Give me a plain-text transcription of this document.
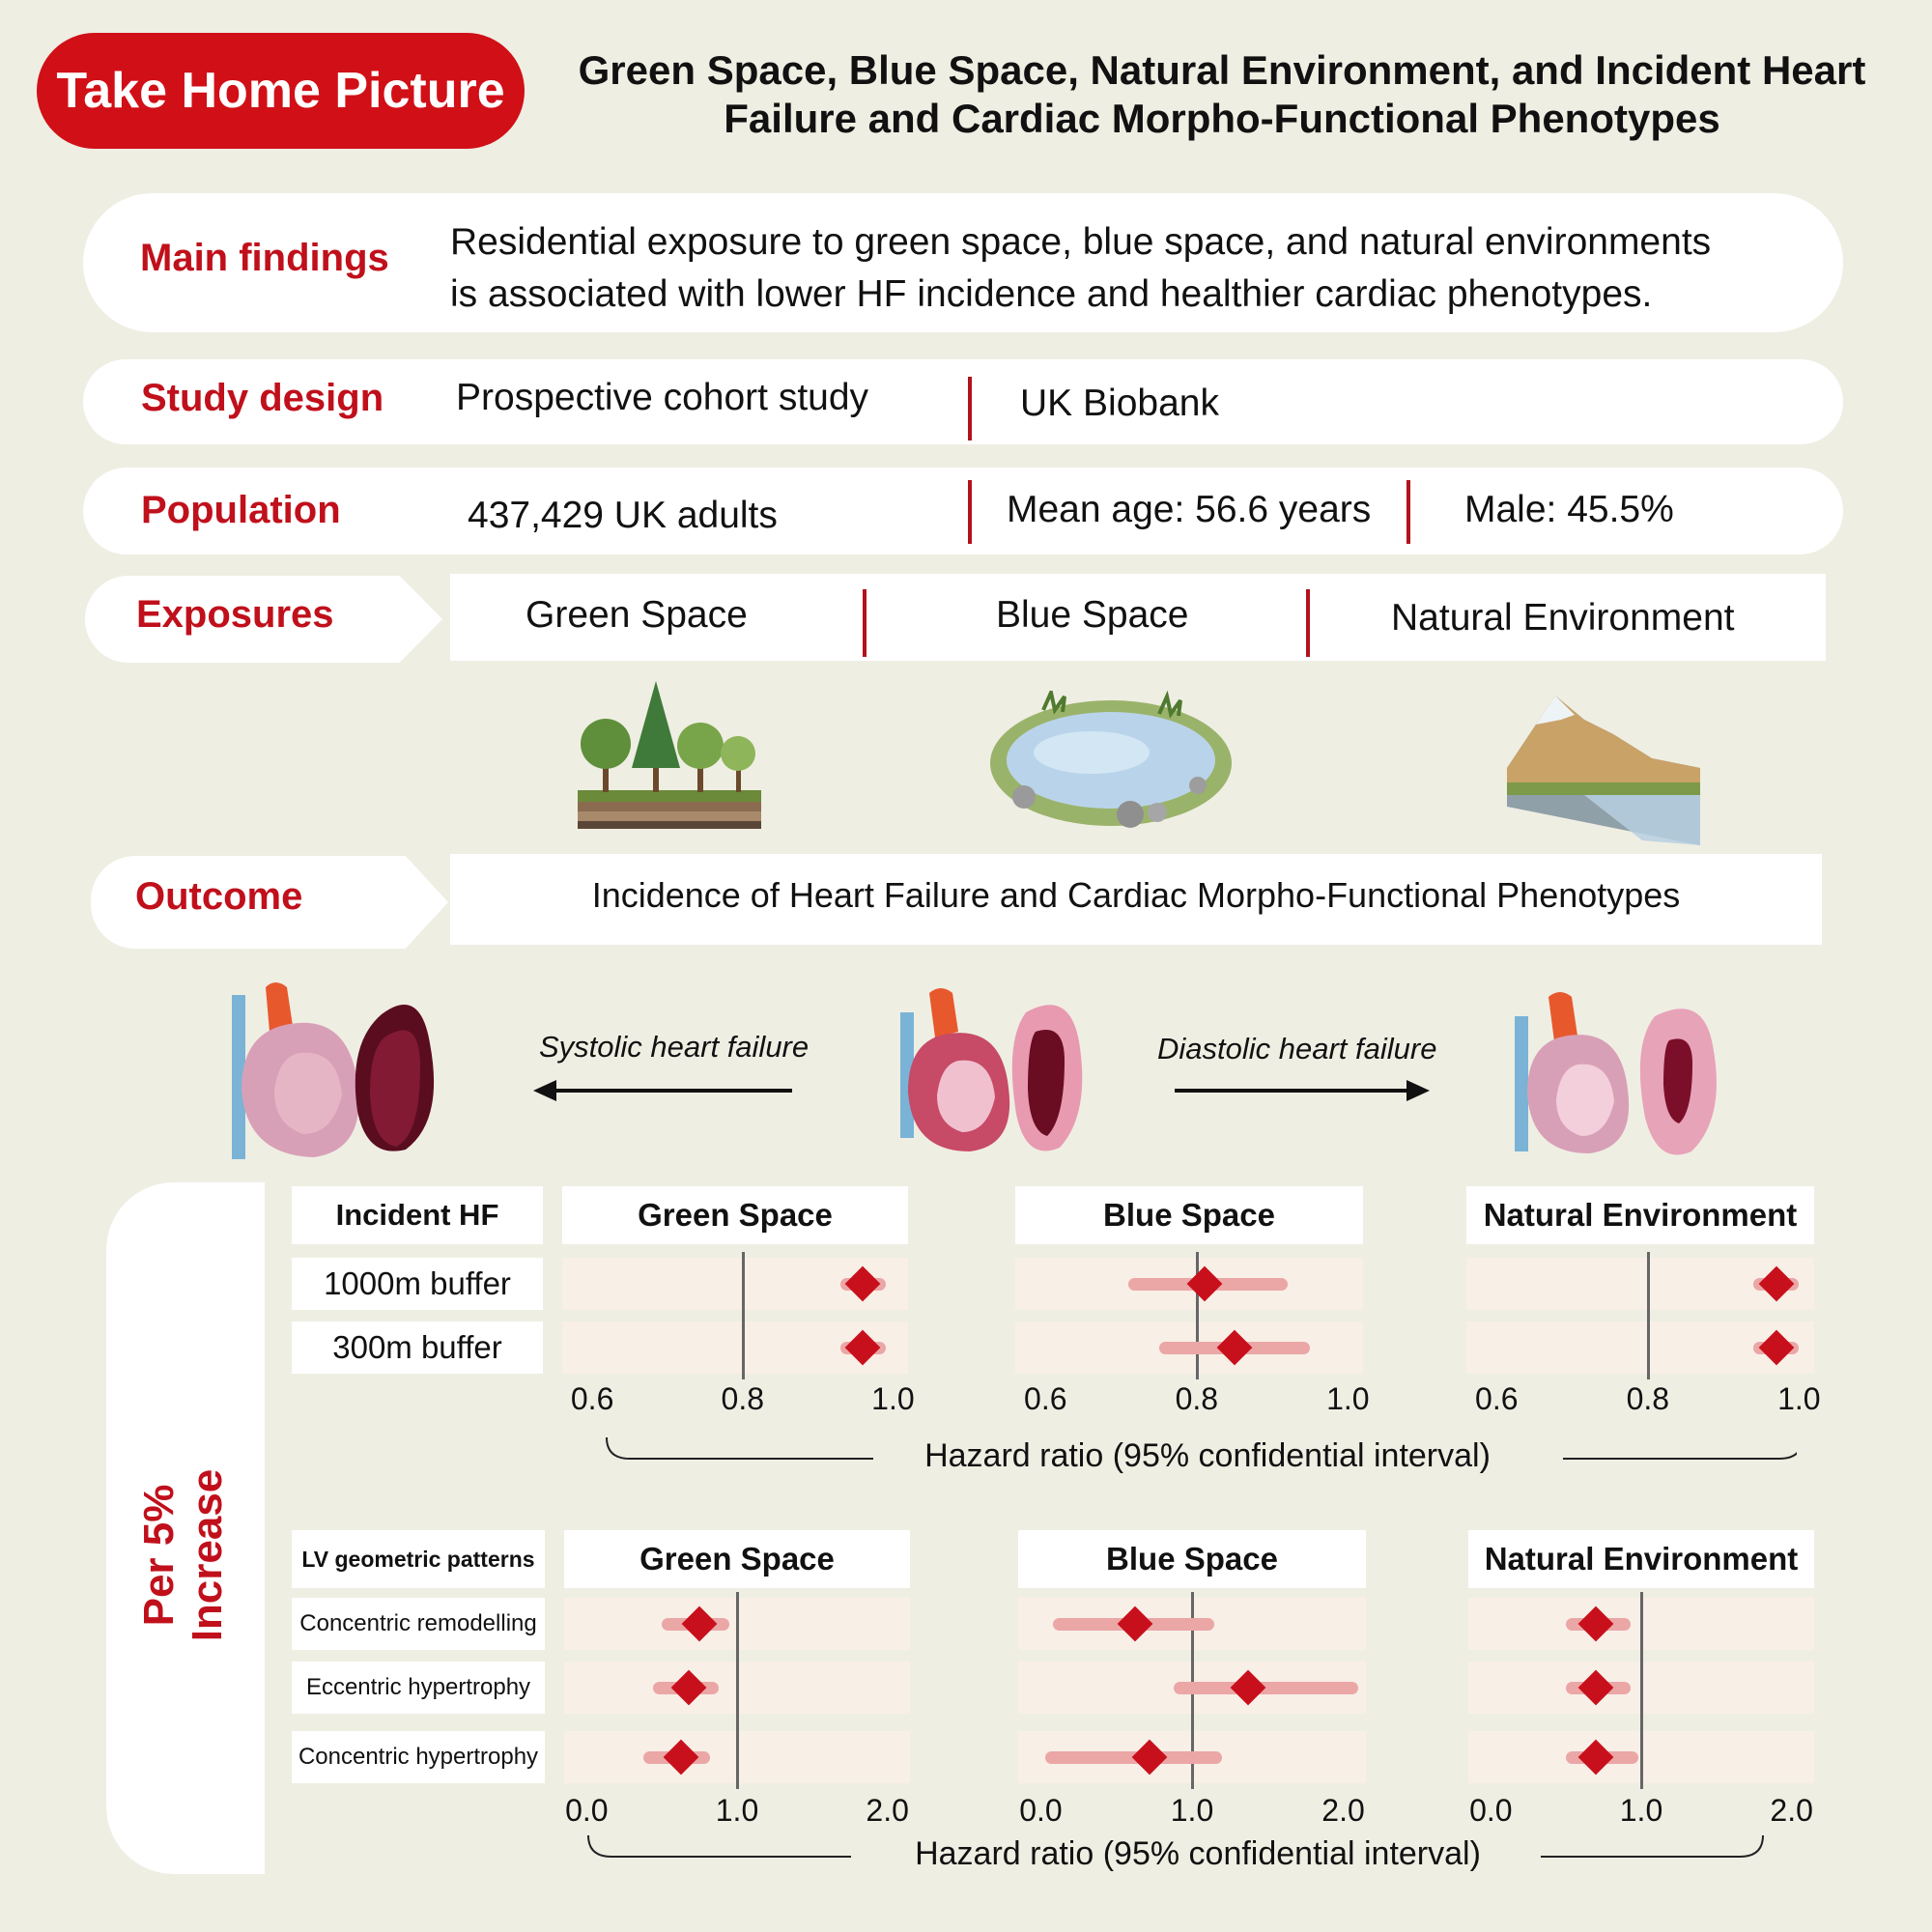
Take Home Picture	Green Space, Blue Space, Natural Environment, and Incident Heart
Failure and Cardiac Morpho-Functional Phenotypes
Main findings Residential exposure to green space, blue space, and natural environments
is associated with lower HF incidence and healthier cardiac phenotypes.
Study design Prospective cohort study	UK Biobank
Population	437,429 UK adults	Mean age: 56.6 years Male: 45.5%
Exposures	Green Space	Blue Space	Natural Environment
Outcome	Incidence of Heart Failure and Cardiac Morpho-Functional Phenotypes
Systolic heart failure	Diastolic heart failure
Per 5% Increase
Incident HF
1000m buffer
300m buffer
Green Space
0.6	0.8	1.0
Blue Space
0.6	0.8	1.0
Natural Environment
0.6	0.8	1.0
LV geometric patterns
Concentric remodelling
Eccentric hypertrophy
Concentric hypertrophy
Green Space
0.0	1.0	2.0
Blue Space
0.0	1.0	2.0
Natural Environment
0.0	1.0	2.0
Hazard ratio (95% confidential interval)
Hazard ratio (95% confidential interval)
